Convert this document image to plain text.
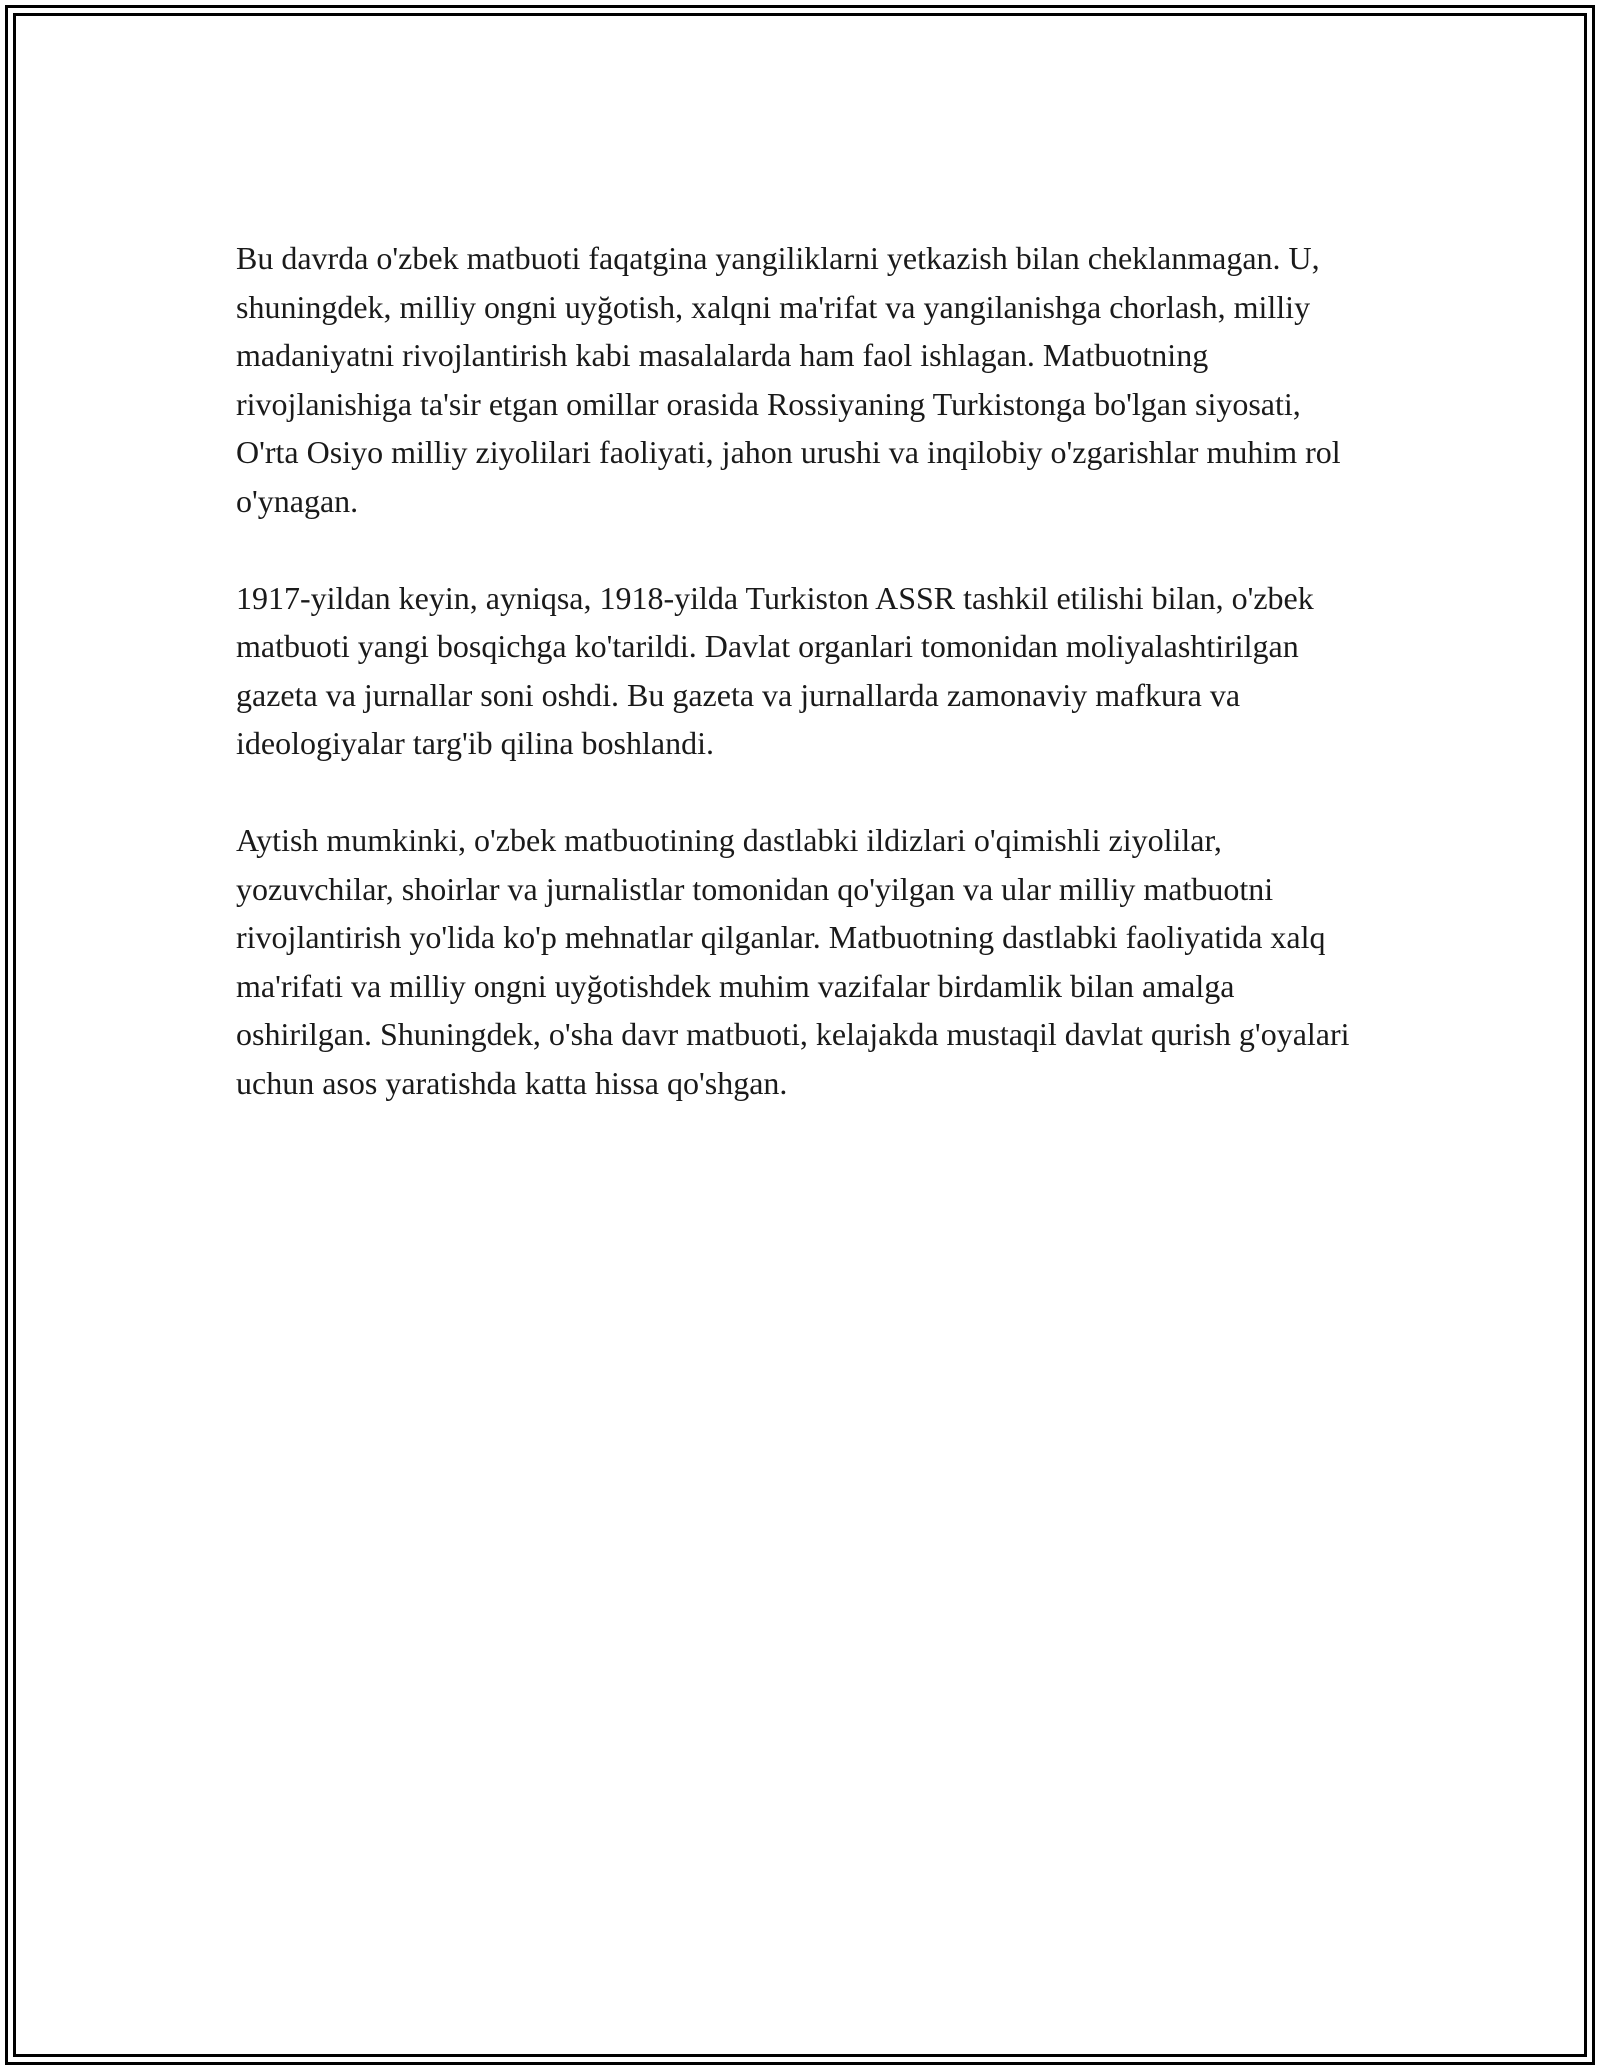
Bu davrda o'zbek matbuoti faqatgina yangiliklarni yetkazish bilan cheklanmagan. U, shuningdek, milliy ongni uyğotish, xalqni ma'rifat va yangilanishga chorlash, milliy madaniyatni rivojlantirish kabi masalalarda ham faol ishlagan. Matbuotning rivojlanishiga ta'sir etgan omillar orasida Rossiyaning Turkistonga bo'lgan siyosati, O'rta Osiyo milliy ziyolilari faoliyati, jahon urushi va inqilobiy o'zgarishlar muhim rol o'ynagan.

1917-yildan keyin, ayniqsa, 1918-yilda Turkiston ASSR tashkil etilishi bilan, o'zbek matbuoti yangi bosqichga ko'tarildi. Davlat organlari tomonidan moliyalashtirilgan gazeta va jurnallar soni oshdi. Bu gazeta va jurnallarda zamonaviy mafkura va ideologiyalar targ'ib qilina boshlandi.

Aytish mumkinki, o'zbek matbuotining dastlabki ildizlari o'qimishli ziyolilar, yozuvchilar, shoirlar va jurnalistlar tomonidan qo'yilgan va ular milliy matbuotni rivojlantirish yo'lida ko'p mehnatlar qilganlar. Matbuotning dastlabki faoliyatida xalq ma'rifati va milliy ongni uyğotishdek muhim vazifalar birdamlik bilan amalga oshirilgan. Shuningdek, o'sha davr matbuoti, kelajakda mustaqil davlat qurish g'oyalari uchun asos yaratishda katta hissa qo'shgan.
